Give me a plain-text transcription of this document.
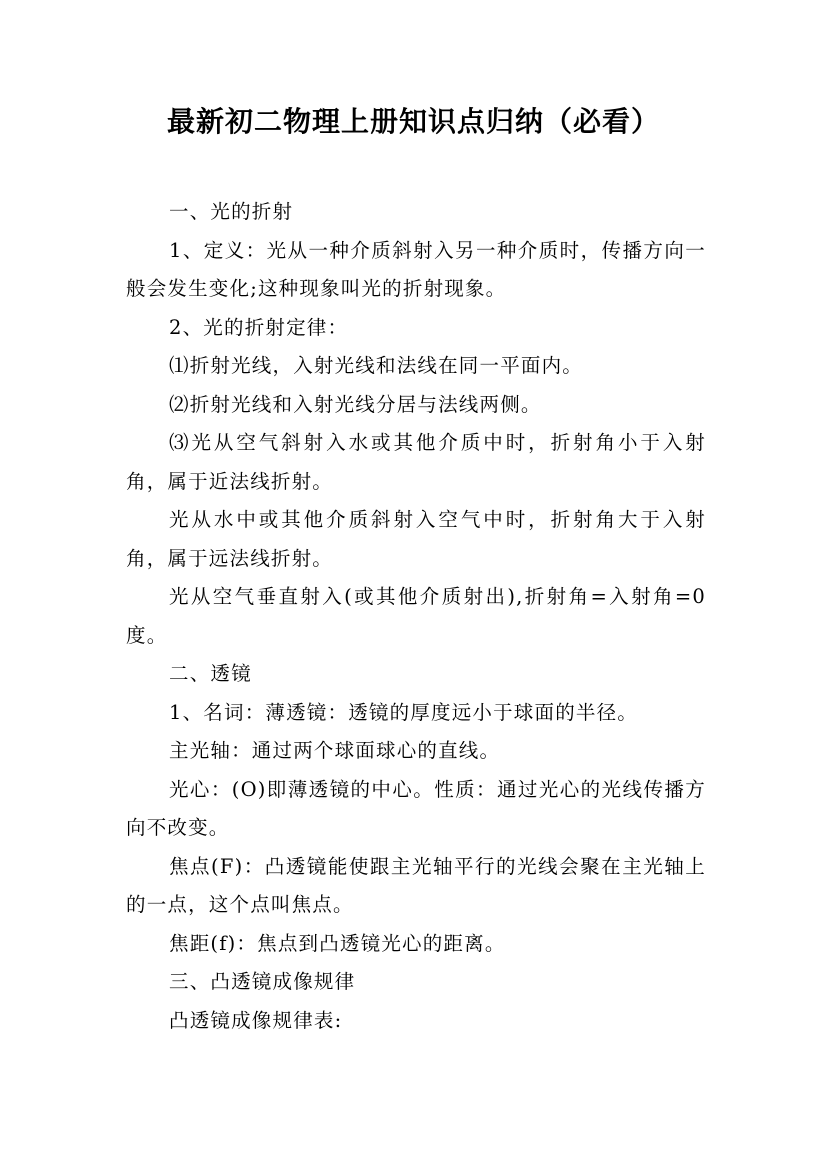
最新初二物理上册知识点归纳（必看）

一、光的折射

1、定义：光从一种介质斜射入另一种介质时，传播方向一般会发生变化;这种现象叫光的折射现象。

2、光的折射定律：

⑴折射光线，入射光线和法线在同一平面内。

⑵折射光线和入射光线分居与法线两侧。

⑶光从空气斜射入水或其他介质中时，折射角小于入射角，属于近法线折射。

光从水中或其他介质斜射入空气中时，折射角大于入射角，属于远法线折射。

光从空气垂直射入(或其他介质射出),折射角=入射角=0度。

二、透镜

1、名词：薄透镜：透镜的厚度远小于球面的半径。

主光轴：通过两个球面球心的直线。

光心：(O)即薄透镜的中心。性质：通过光心的光线传播方向不改变。

焦点(F)：凸透镜能使跟主光轴平行的光线会聚在主光轴上的一点，这个点叫焦点。

焦距(f)：焦点到凸透镜光心的距离。

三、凸透镜成像规律

凸透镜成像规律表:
